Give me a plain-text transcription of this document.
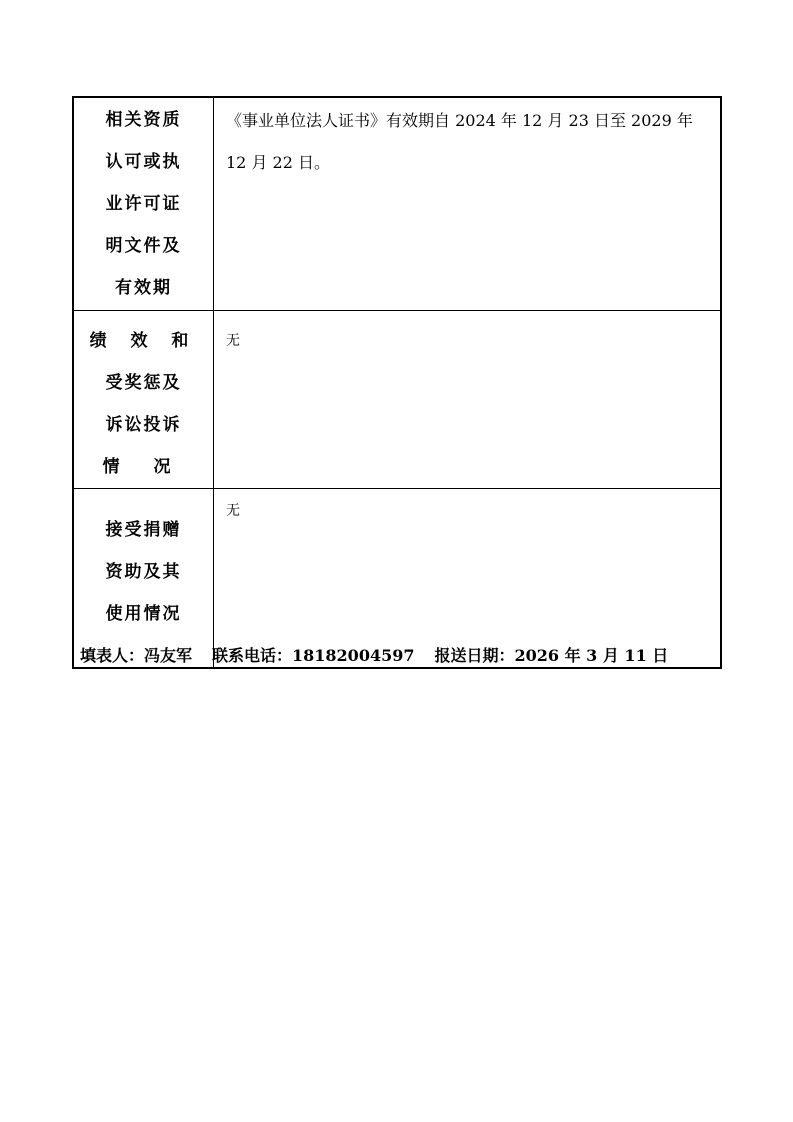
相关资质
认可或执
业许可证
明文件及
有效期	《事业单位法人证书》有效期自 2024 年 12 月 23 日至 2029 年 12 月 22 日。

绩 效 和
受奖惩及
诉讼投诉
情 况	无

接受捐赠
资助及其
使用情况	无
填表人：冯友军 联系电话：18182004597 报送日期：2026 年 3 月 11 日
